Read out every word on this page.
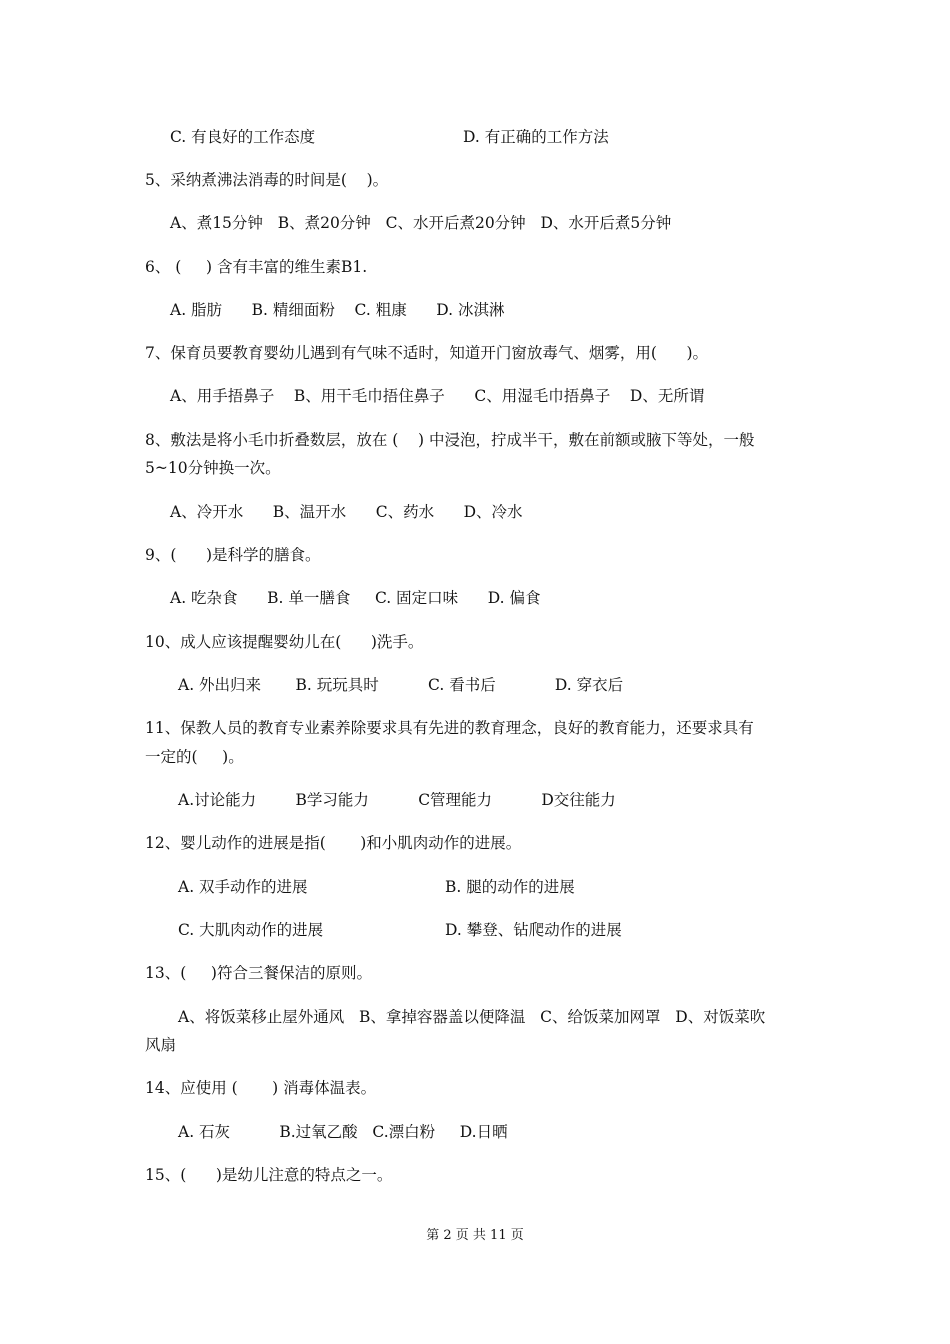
C. 有良好的工作态度	D. 有正确的工作方法
5、采纳煮沸法消毒的时间是(    )。
A、煮15分钟   B、煮20分钟   C、水开后煮20分钟   D、水开后煮5分钟
6、 (     ) 含有丰富的维生素B1.
A. 脂肪      B. 精细面粉    C. 粗康      D. 冰淇淋
7、保育员要教育婴幼儿遇到有气味不适时，知道开门窗放毒气、烟雾，用(      )。
A、用手捂鼻子    B、用干毛巾捂住鼻子      C、用湿毛巾捂鼻子    D、无所谓
8、敷法是将小毛巾折叠数层，放在 (    ) 中浸泡，拧成半干，敷在前额或腋下等处，一般
5~10分钟换一次。
A、冷开水      B、温开水      C、药水      D、冷水
9、(      )是科学的膳食。
A. 吃杂食      B. 单一膳食     C. 固定口味      D. 偏食
10、成人应该提醒婴幼儿在(      )洗手。
A. 外出归来       B. 玩玩具时          C. 看书后            D. 穿衣后
11、保教人员的教育专业素养除要求具有先进的教育理念，良好的教育能力，还要求具有
一定的(     )。
A.讨论能力        B学习能力          C管理能力          D交往能力
12、婴儿动作的进展是指(       )和小肌肉动作的进展。
A. 双手动作的进展	B. 腿的动作的进展
C. 大肌肉动作的进展	D. 攀登、钻爬动作的进展
13、(     )符合三餐保洁的原则。
A、将饭菜移止屋外通风   B、拿掉容器盖以便降温   C、给饭菜加网罩   D、对饭菜吹
风扇
14、应使用 (       ) 消毒体温表。
A. 石灰          B.过氧乙酸   C.漂白粉     D.日晒
15、(      )是幼儿注意的特点之一。
第 2 页 共 11 页
